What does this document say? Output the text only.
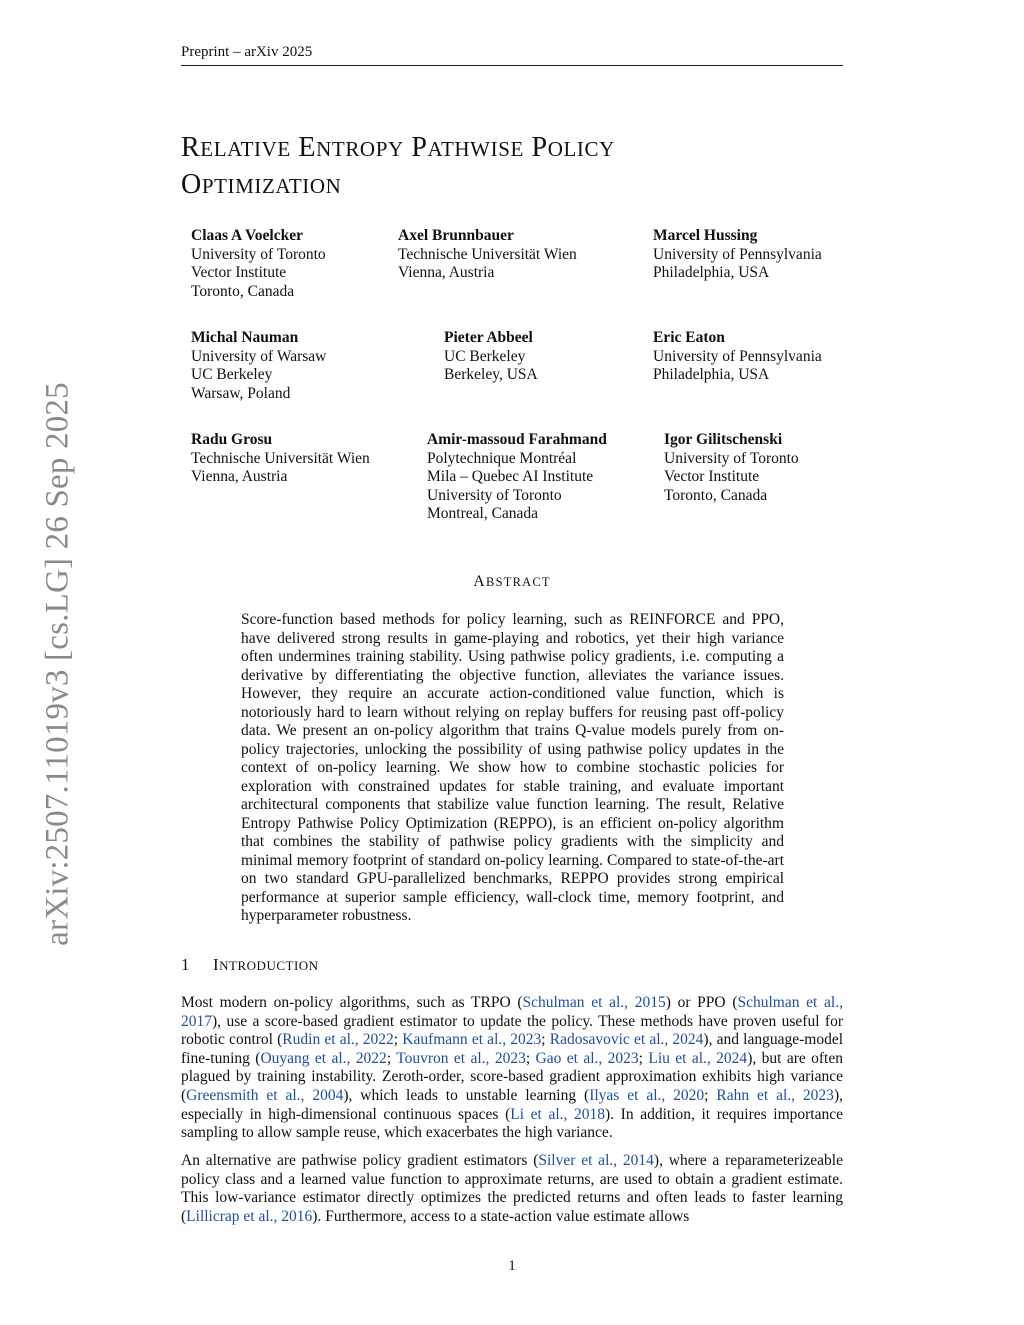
Preprint – arXiv 2025
arXiv:2507.11019v3 [cs.LG] 26 Sep 2025
RELATIVE ENTROPY PATHWISE POLICY
OPTIMIZATION
Claas A Voelcker
University of Toronto
Vector Institute
Toronto, Canada
Axel Brunnbauer
Technische Universität Wien
Vienna, Austria
Marcel Hussing
University of Pennsylvania
Philadelphia, USA
Michal Nauman
University of Warsaw
UC Berkeley
Warsaw, Poland
Pieter Abbeel
UC Berkeley
Berkeley, USA
Eric Eaton
University of Pennsylvania
Philadelphia, USA
Radu Grosu
Technische Universität Wien
Vienna, Austria
Amir-massoud Farahmand
Polytechnique Montréal
Mila – Quebec AI Institute
University of Toronto
Montreal, Canada
Igor Gilitschenski
University of Toronto
Vector Institute
Toronto, Canada
ABSTRACT
Score-function based methods for policy learning, such as REINFORCE and PPO, have delivered strong results in game-playing and robotics, yet their high variance often undermines training stability. Using pathwise policy gradients, i.e. computing a derivative by differentiating the objective function, alleviates the variance issues. However, they require an accurate action-conditioned value function, which is notoriously hard to learn without relying on replay buffers for reusing past off-policy data. We present an on-policy algorithm that trains Q-value models purely from on-policy trajectories, unlocking the possibility of using pathwise policy updates in the context of on-policy learning. We show how to combine stochastic policies for exploration with constrained updates for stable training, and evaluate important architectural components that stabilize value function learning. The result, Relative Entropy Pathwise Policy Optimization (REPPO), is an efficient on-policy algorithm that combines the stability of pathwise policy gradients with the simplicity and minimal memory footprint of standard on-policy learning. Compared to state-of-the-art on two standard GPU-parallelized benchmarks, REPPO provides strong empirical performance at superior sample efficiency, wall-clock time, memory footprint, and hyperparameter robustness.
1 INTRODUCTION

Most modern on-policy algorithms, such as TRPO (Schulman et al., 2015) or PPO (Schulman et al., 2017), use a score-based gradient estimator to update the policy. These methods have proven useful for robotic control (Rudin et al., 2022; Kaufmann et al., 2023; Radosavovic et al., 2024), and language-model fine-tuning (Ouyang et al., 2022; Touvron et al., 2023; Gao et al., 2023; Liu et al., 2024), but are often plagued by training instability. Zeroth-order, score-based gradient approximation exhibits high variance (Greensmith et al., 2004), which leads to unstable learning (Ilyas et al., 2020; Rahn et al., 2023), especially in high-dimensional continuous spaces (Li et al., 2018). In addition, it requires importance sampling to allow sample reuse, which exacerbates the high variance.

An alternative are pathwise policy gradient estimators (Silver et al., 2014), where a reparameterizeable policy class and a learned value function to approximate returns, are used to obtain a gradient estimate. This low-variance estimator directly optimizes the predicted returns and often leads to faster learning (Lillicrap et al., 2016). Furthermore, access to a state-action value estimate allows

1
